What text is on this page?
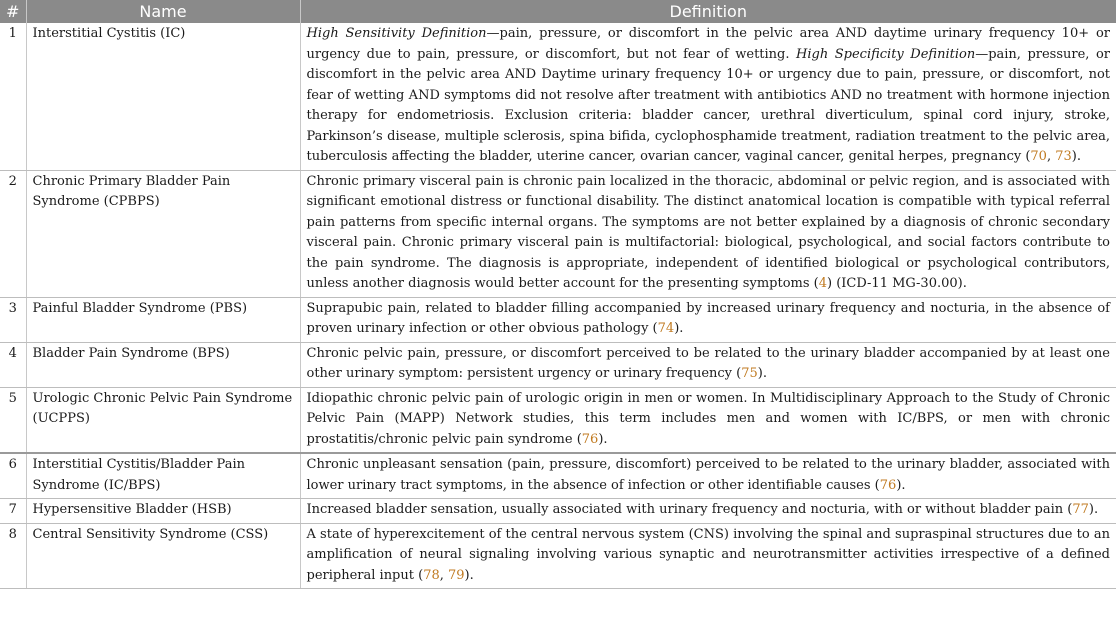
#	Name	Definition
1	Interstitial Cystitis (IC)	High Sensitivity Definition—pain, pressure, or discomfort in the pelvic area AND daytime urinary frequency 10+ or urgency due to pain, pressure, or discomfort, but not fear of wetting. High Specificity Definition—pain, pressure, or discomfort in the pelvic area AND Daytime urinary frequency 10+ or urgency due to pain, pressure, or discomfort, not fear of wetting AND symptoms did not resolve after treatment with antibiotics AND no treatment with hormone injection therapy for endometriosis. Exclusion criteria: bladder cancer, urethral diverticulum, spinal cord injury, stroke, Parkinson’s disease, multiple sclerosis, spina bifida, cyclophosphamide treatment, radiation treatment to the pelvic area, tuberculosis affecting the bladder, uterine cancer, ovarian cancer, vaginal cancer, genital herpes, pregnancy (70, 73).
2	Chronic Primary Bladder Pain Syndrome (CPBPS)	Chronic primary visceral pain is chronic pain localized in the thoracic, abdominal or pelvic region, and is associated with significant emotional distress or functional disability. The distinct anatomical location is compatible with typical referral pain patterns from specific internal organs. The symptoms are not better explained by a diagnosis of chronic secondary visceral pain. Chronic primary visceral pain is multifactorial: biological, psychological, and social factors contribute to the pain syndrome. The diagnosis is appropriate, independent of identified biological or psychological contributors, unless another diagnosis would better account for the presenting symptoms (4) (ICD-11 MG-30.00).
3	Painful Bladder Syndrome (PBS)	Suprapubic pain, related to bladder filling accompanied by increased urinary frequency and nocturia, in the absence of proven urinary infection or other obvious pathology (74).
4	Bladder Pain Syndrome (BPS)	Chronic pelvic pain, pressure, or discomfort perceived to be related to the urinary bladder accompanied by at least one other urinary symptom: persistent urgency or urinary frequency (75).
5	Urologic Chronic Pelvic Pain Syndrome (UCPPS)	Idiopathic chronic pelvic pain of urologic origin in men or women. In Multidisciplinary Approach to the Study of Chronic Pelvic Pain (MAPP) Network studies, this term includes men and women with IC/BPS, or men with chronic prostatitis/chronic pelvic pain syndrome (76).
6	Interstitial Cystitis/Bladder Pain Syndrome (IC/BPS)	Chronic unpleasant sensation (pain, pressure, discomfort) perceived to be related to the urinary bladder, associated with lower urinary tract symptoms, in the absence of infection or other identifiable causes (76).
7	Hypersensitive Bladder (HSB)	Increased bladder sensation, usually associated with urinary frequency and nocturia, with or without bladder pain (77).
8	Central Sensitivity Syndrome (CSS)	A state of hyperexcitement of the central nervous system (CNS) involving the spinal and supraspinal structures due to an amplification of neural signaling involving various synaptic and neurotransmitter activities irrespective of a defined peripheral input (78, 79).
